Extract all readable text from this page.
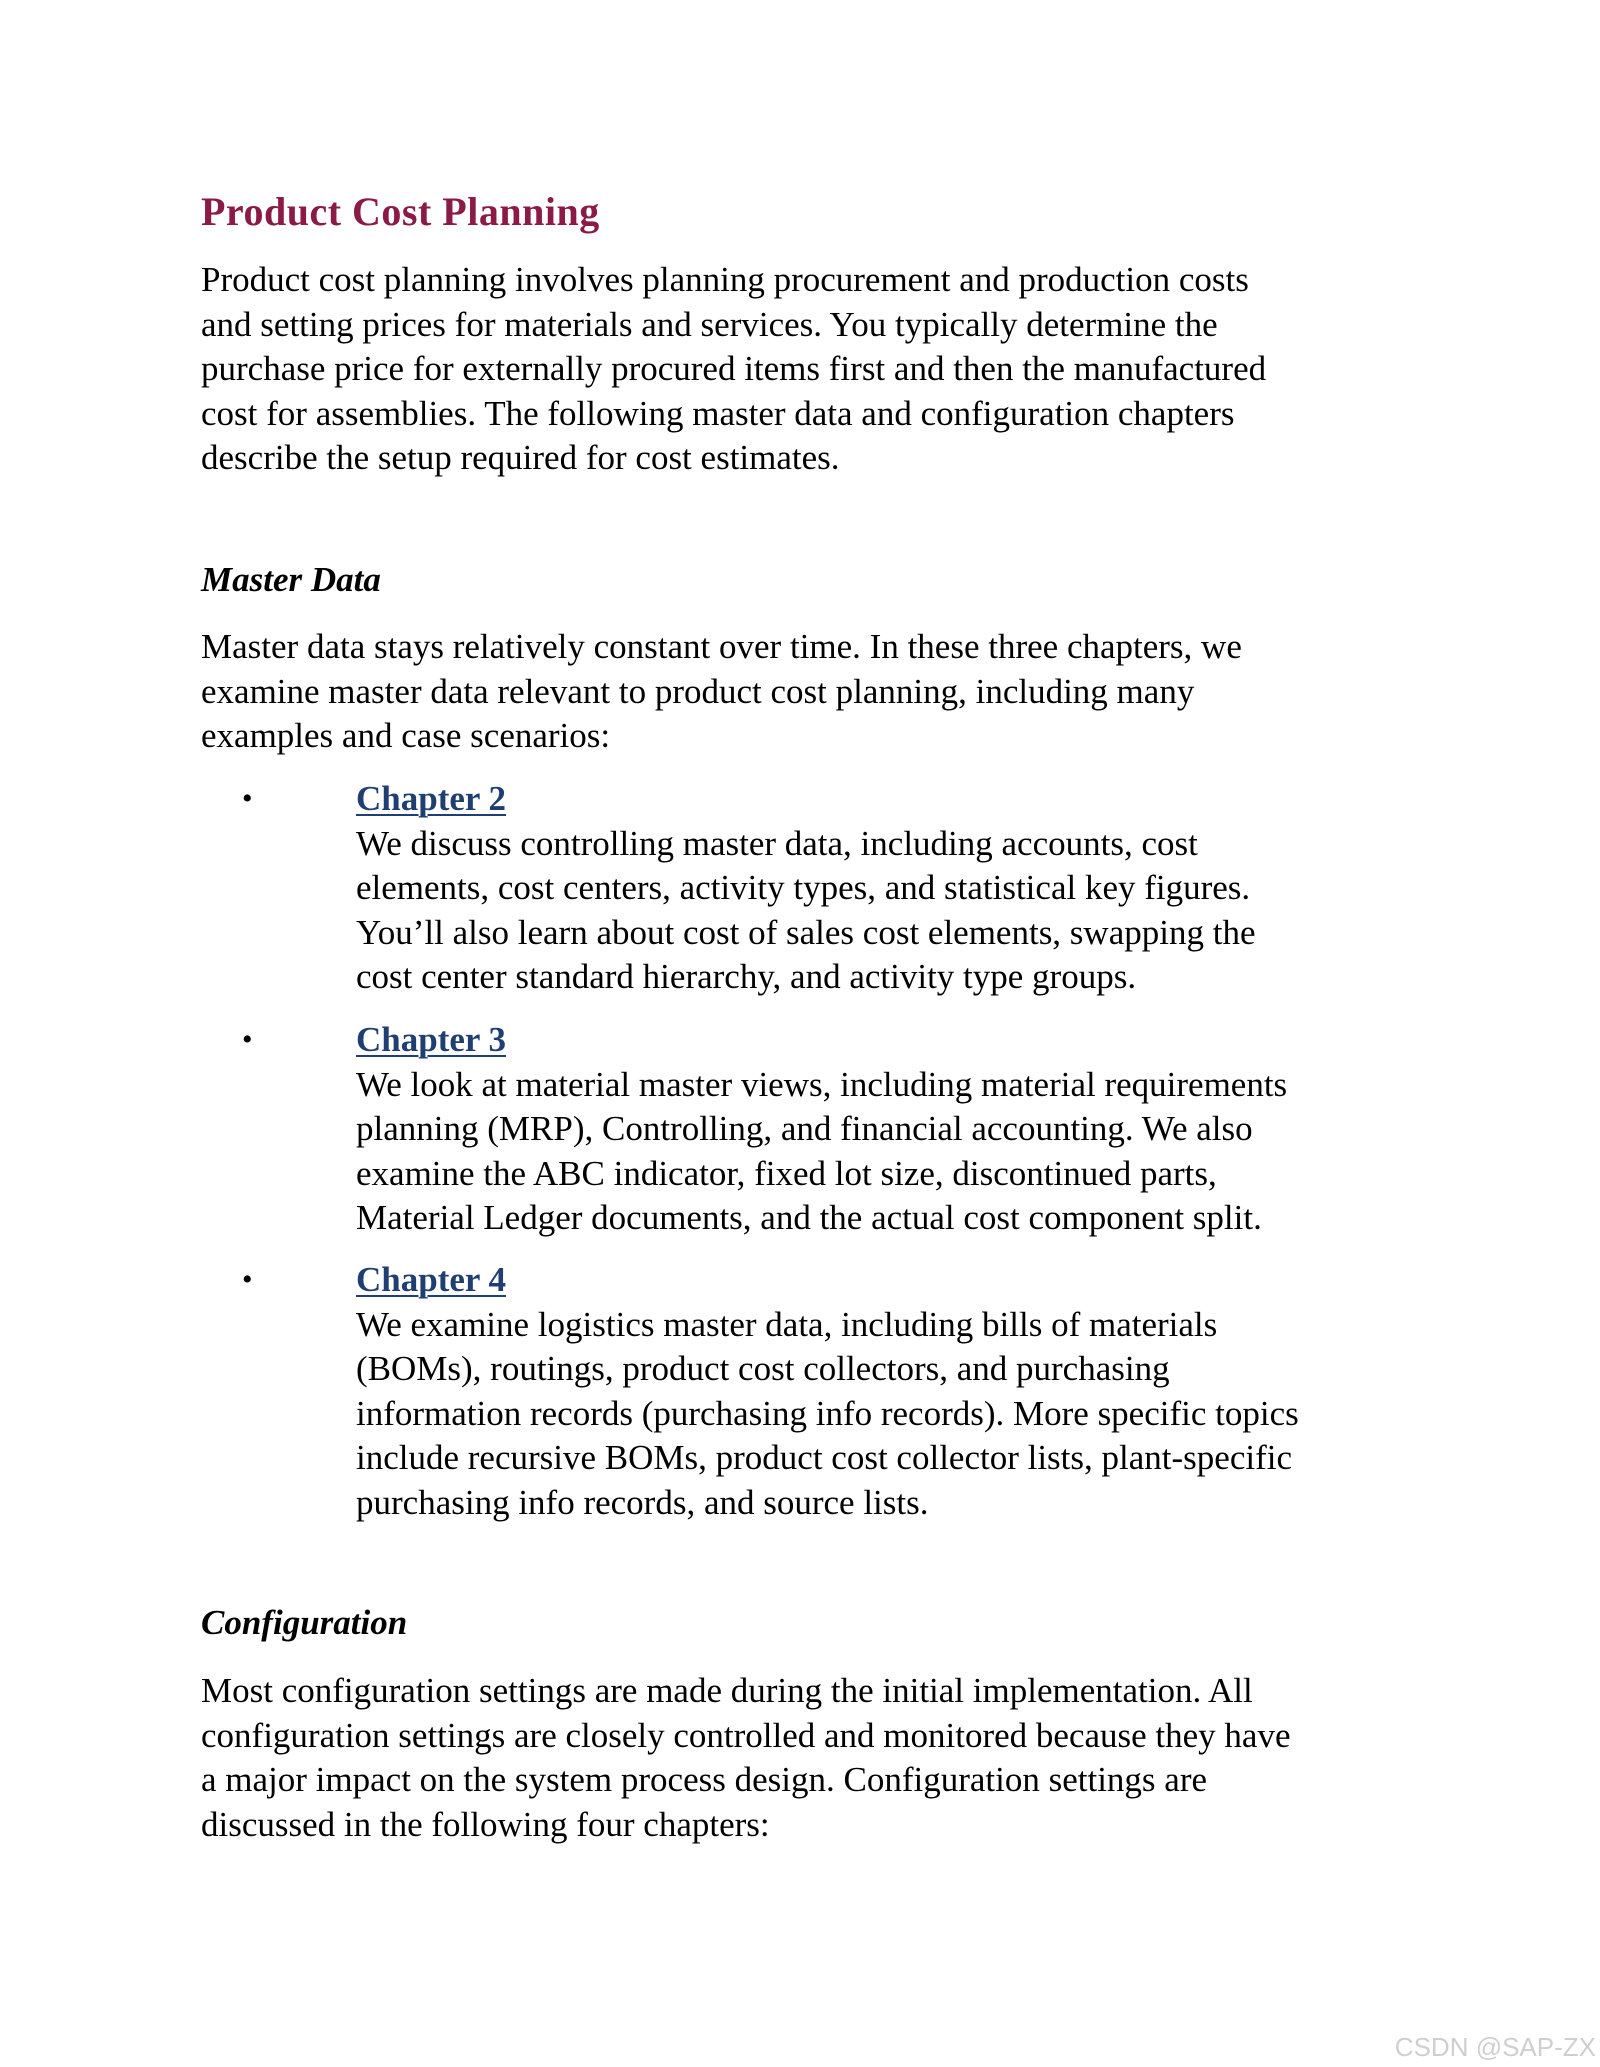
Product Cost Planning

Product cost planning involves planning procurement and production costs
and setting prices for materials and services. You typically determine the
purchase price for externally procured items first and then the manufactured
cost for assemblies. The following master data and configuration chapters
describe the setup required for cost estimates.

Master Data

Master data stays relatively constant over time. In these three chapters, we
examine master data relevant to product cost planning, including many
examples and case scenarios:

•	Chapter 2
We discuss controlling master data, including accounts, cost
elements, cost centers, activity types, and statistical key figures.
You’ll also learn about cost of sales cost elements, swapping the
cost center standard hierarchy, and activity type groups.
•	Chapter 3
We look at material master views, including material requirements
planning (MRP), Controlling, and financial accounting. We also
examine the ABC indicator, fixed lot size, discontinued parts,
Material Ledger documents, and the actual cost component split.
•	Chapter 4
We examine logistics master data, including bills of materials
(BOMs), routings, product cost collectors, and purchasing
information records (purchasing info records). More specific topics
include recursive BOMs, product cost collector lists, plant-specific
purchasing info records, and source lists.
Configuration

Most configuration settings are made during the initial implementation. All
configuration settings are closely controlled and monitored because they have
a major impact on the system process design. Configuration settings are
discussed in the following four chapters:

CSDN @SAP-ZX
